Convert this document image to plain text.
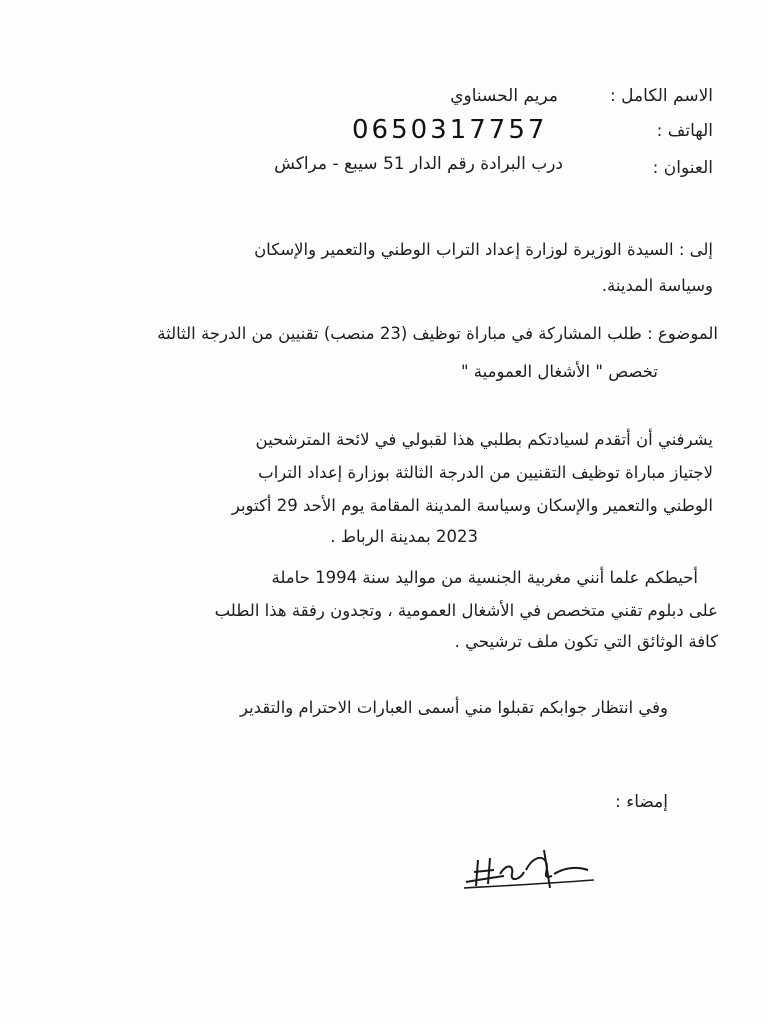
الاسم الكامل :
مريم الحسناوي
الهاتف :
0650317757
العنوان :
درب البرادة رقم الدار 51 سيبع - مراكش
إلى : السيدة الوزيرة لوزارة إعداد التراب الوطني والتعمير والإسكان
وسياسة المدينة.
الموضوع : طلب المشاركة في مباراة توظيف (23 منصب) تقنيين من الدرجة الثالثة
تخصص " الأشغال العمومية "
يشرفني أن أتقدم لسيادتكم بطلبي هذا لقبولي في لائحة المترشحين
لاجتياز مباراة توظيف التقنيين من الدرجة الثالثة بوزارة إعداد التراب
الوطني والتعمير والإسكان وسياسة المدينة المقامة يوم الأحد 29 أكتوبر
2023 بمدينة الرباط .
أحيطكم علما أنني مغربية الجنسية من مواليد سنة 1994 حاملة
على دبلوم تقني متخصص في الأشغال العمومية ، وتجدون رفقة هذا الطلب
كافة الوثائق التي تكون ملف ترشيحي .
وفي انتظار جوابكم تقبلوا مني أسمى العبارات الاحترام والتقدير
إمضاء :
